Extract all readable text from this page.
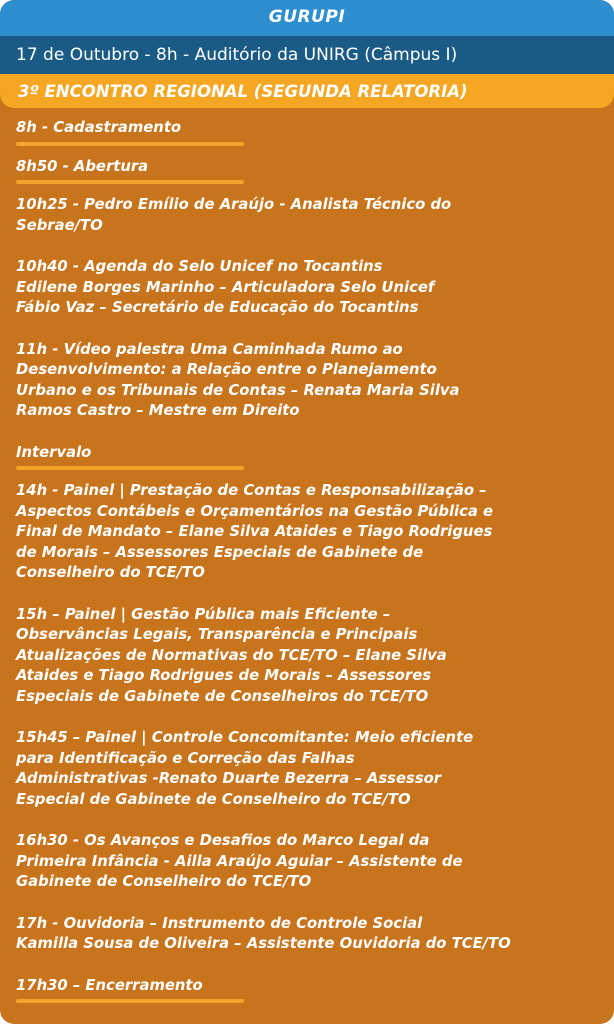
GURUPI
17 de Outubro - 8h - Auditório da UNIRG (Câmpus I)
3º ENCONTRO REGIONAL (SEGUNDA RELATORIA)
8h - Cadastramento
8h50 - Abertura
10h25 - Pedro Emílio de Araújo - Analista Técnico do
Sebrae/TO
10h40 - Agenda do Selo Unicef no Tocantins
Edilene Borges Marinho – Articuladora Selo Unicef
Fábio Vaz – Secretário de Educação do Tocantins
11h - Vídeo palestra Uma Caminhada Rumo ao
Desenvolvimento: a Relação entre o Planejamento
Urbano e os Tribunais de Contas – Renata Maria Silva
Ramos Castro – Mestre em Direito
Intervalo
14h - Painel | Prestação de Contas e Responsabilização –
Aspectos Contábeis e Orçamentários na Gestão Pública e
Final de Mandato – Elane Silva Ataides e Tiago Rodrigues
de Morais – Assessores Especiais de Gabinete de
Conselheiro do TCE/TO
15h – Painel | Gestão Pública mais Eficiente –
Observâncias Legais, Transparência e Principais
Atualizações de Normativas do TCE/TO – Elane Silva
Ataides e Tiago Rodrigues de Morais – Assessores
Especiais de Gabinete de Conselheiros do TCE/TO
15h45 – Painel | Controle Concomitante: Meio eficiente
para Identificação e Correção das Falhas
Administrativas -Renato Duarte Bezerra – Assessor
Especial de Gabinete de Conselheiro do TCE/TO
16h30 - Os Avanços e Desafios do Marco Legal da
Primeira Infância - Ailla Araújo Aguiar – Assistente de
Gabinete de Conselheiro do TCE/TO
17h - Ouvidoria – Instrumento de Controle Social
Kamilla Sousa de Oliveira – Assistente Ouvidoria do TCE/TO
17h30 – Encerramento
